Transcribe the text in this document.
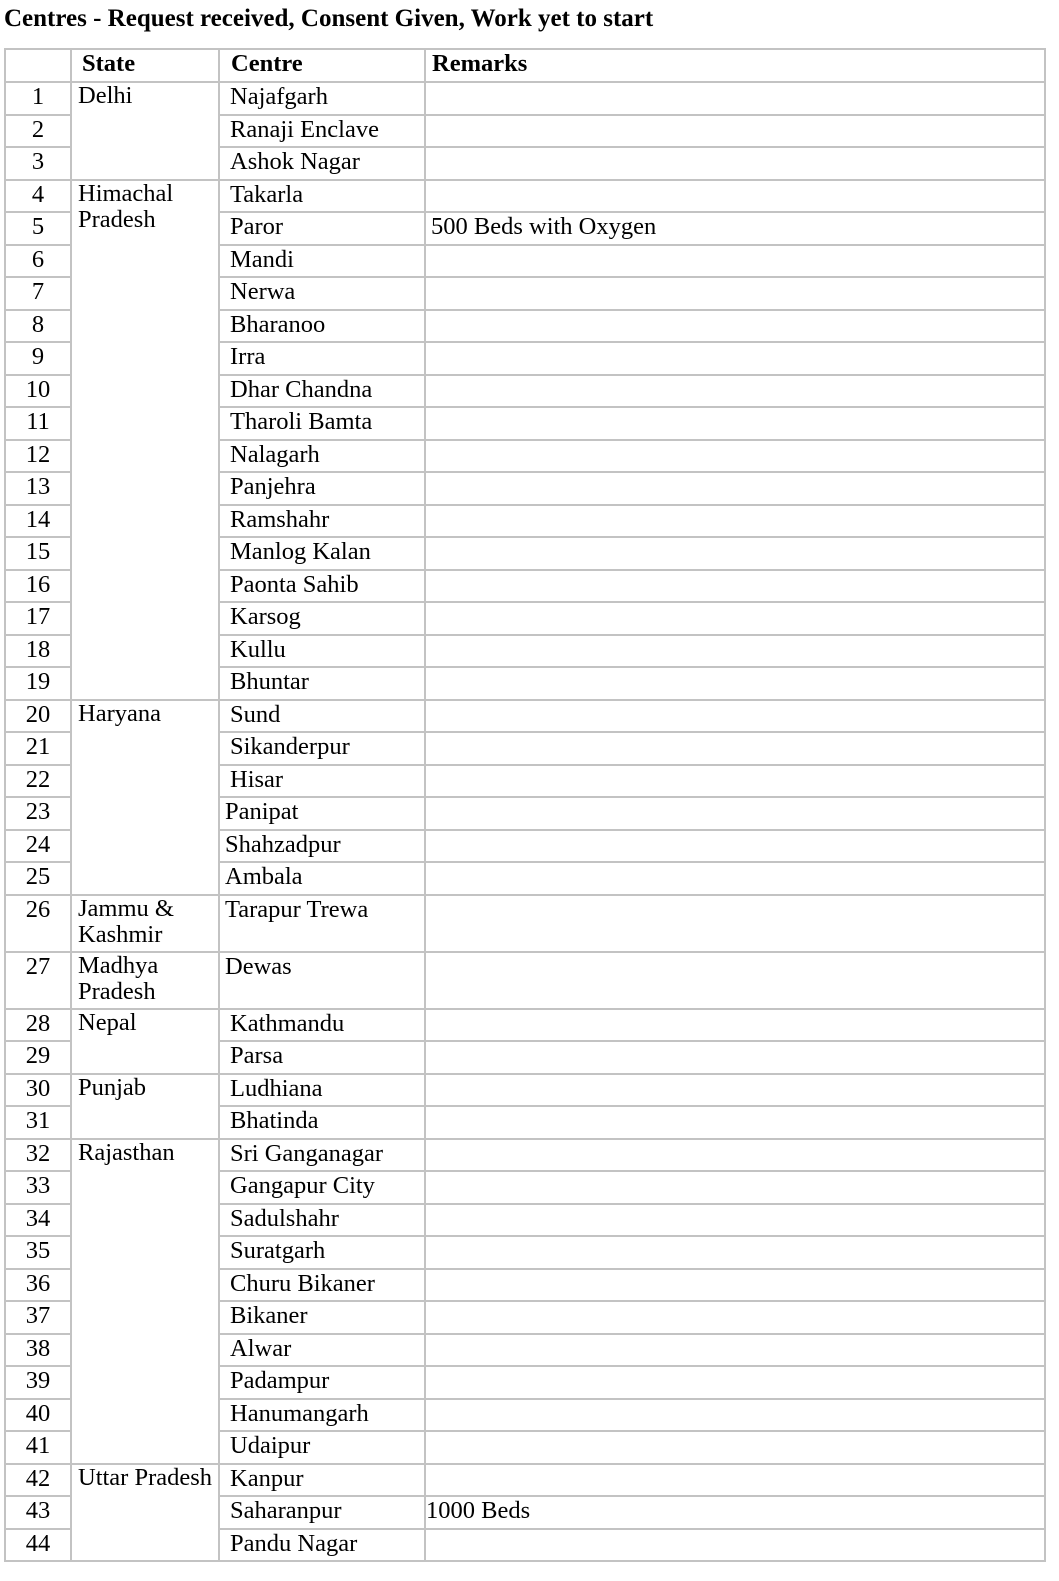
Centres - Request received, Consent Given, Work yet to start
	State	Centre	Remarks
1	Delhi	Najafgarh	
2		Ranaji Enclave	
3		Ashok Nagar	
4	Himachal Pradesh	Takarla	
5		Paror	500 Beds with Oxygen
6		Mandi	
7		Nerwa	
8		Bharanoo	
9		Irra	
10		Dhar Chandna	
11		Tharoli Bamta	
12		Nalagarh	
13		Panjehra	
14		Ramshahr	
15		Manlog Kalan	
16		Paonta Sahib	
17		Karsog	
18		Kullu	
19		Bhuntar	
20	Haryana	Sund	
21		Sikanderpur	
22		Hisar	
23		Panipat	
24		Shahzadpur	
25		Ambala	
26	Jammu & Kashmir	Tarapur Trewa	
27	Madhya Pradesh	Dewas	
28	Nepal	Kathmandu	
29		Parsa	
30	Punjab	Ludhiana	
31		Bhatinda	
32	Rajasthan	Sri Ganganagar	
33		Gangapur City	
34		Sadulshahr	
35		Suratgarh	
36		Churu Bikaner	
37		Bikaner	
38		Alwar	
39		Padampur	
40		Hanumangarh	
41		Udaipur	
42	Uttar Pradesh	Kanpur	
43		Saharanpur	1000 Beds
44		Pandu Nagar	
